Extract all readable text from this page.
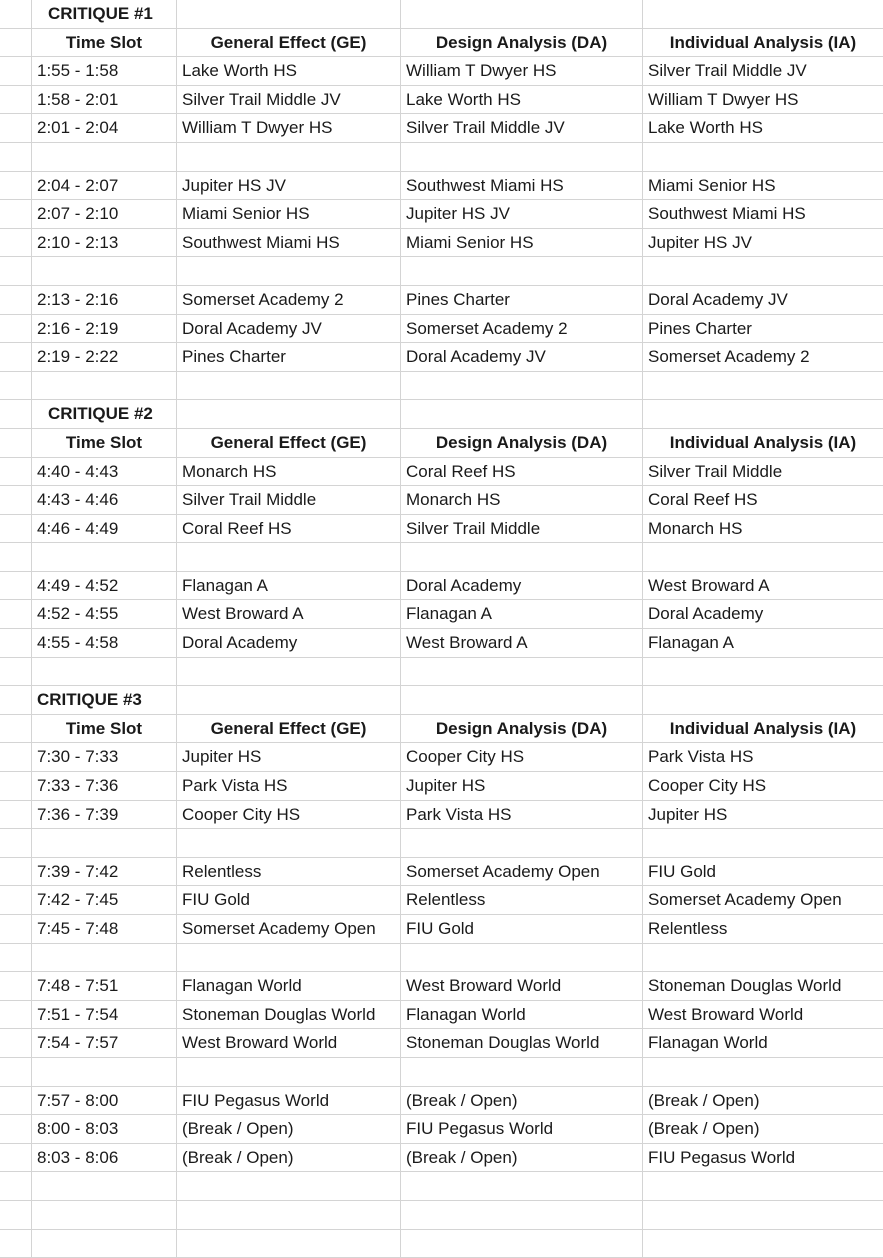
CRITIQUE #1
Time Slot	General Effect (GE)	Design Analysis (DA)	Individual Analysis (IA)
1:55 - 1:58	Lake Worth HS	William T Dwyer HS	Silver Trail Middle JV
1:58 - 2:01	Silver Trail Middle JV	Lake Worth HS	William T Dwyer HS
2:01 - 2:04	William T Dwyer HS	Silver Trail Middle JV	Lake Worth HS
2:04 - 2:07	Jupiter HS JV	Southwest Miami HS	Miami Senior HS
2:07 - 2:10	Miami Senior HS	Jupiter HS JV	Southwest Miami HS
2:10 - 2:13	Southwest Miami HS	Miami Senior HS	Jupiter HS JV
2:13 - 2:16	Somerset Academy 2	Pines Charter	Doral Academy JV
2:16 - 2:19	Doral Academy JV	Somerset Academy 2	Pines Charter
2:19 - 2:22	Pines Charter	Doral Academy JV	Somerset Academy 2
CRITIQUE #2
Time Slot	General Effect (GE)	Design Analysis (DA)	Individual Analysis (IA)
4:40 - 4:43	Monarch HS	Coral Reef HS	Silver Trail Middle
4:43 - 4:46	Silver Trail Middle	Monarch HS	Coral Reef HS
4:46 - 4:49	Coral Reef HS	Silver Trail Middle	Monarch HS
4:49 - 4:52	Flanagan A	Doral Academy	West Broward A
4:52 - 4:55	West Broward A	Flanagan A	Doral Academy
4:55 - 4:58	Doral Academy	West Broward A	Flanagan A
CRITIQUE #3
Time Slot	General Effect (GE)	Design Analysis (DA)	Individual Analysis (IA)
7:30 - 7:33	Jupiter HS	Cooper City HS	Park Vista HS
7:33 - 7:36	Park Vista HS	Jupiter HS	Cooper City HS
7:36 - 7:39	Cooper City HS	Park Vista HS	Jupiter HS
7:39 - 7:42	Relentless	Somerset Academy Open	FIU Gold
7:42 - 7:45	FIU Gold	Relentless	Somerset Academy Open
7:45 - 7:48	Somerset Academy Open	FIU Gold	Relentless
7:48 - 7:51	Flanagan World	West Broward World	Stoneman Douglas World
7:51 - 7:54	Stoneman Douglas World	Flanagan World	West Broward World
7:54 - 7:57	West Broward World	Stoneman Douglas World	Flanagan World
7:57 - 8:00	FIU Pegasus World	(Break / Open)	(Break / Open)
8:00 - 8:03	(Break / Open)	FIU Pegasus World	(Break / Open)
8:03 - 8:06	(Break / Open)	(Break / Open)	FIU Pegasus World
